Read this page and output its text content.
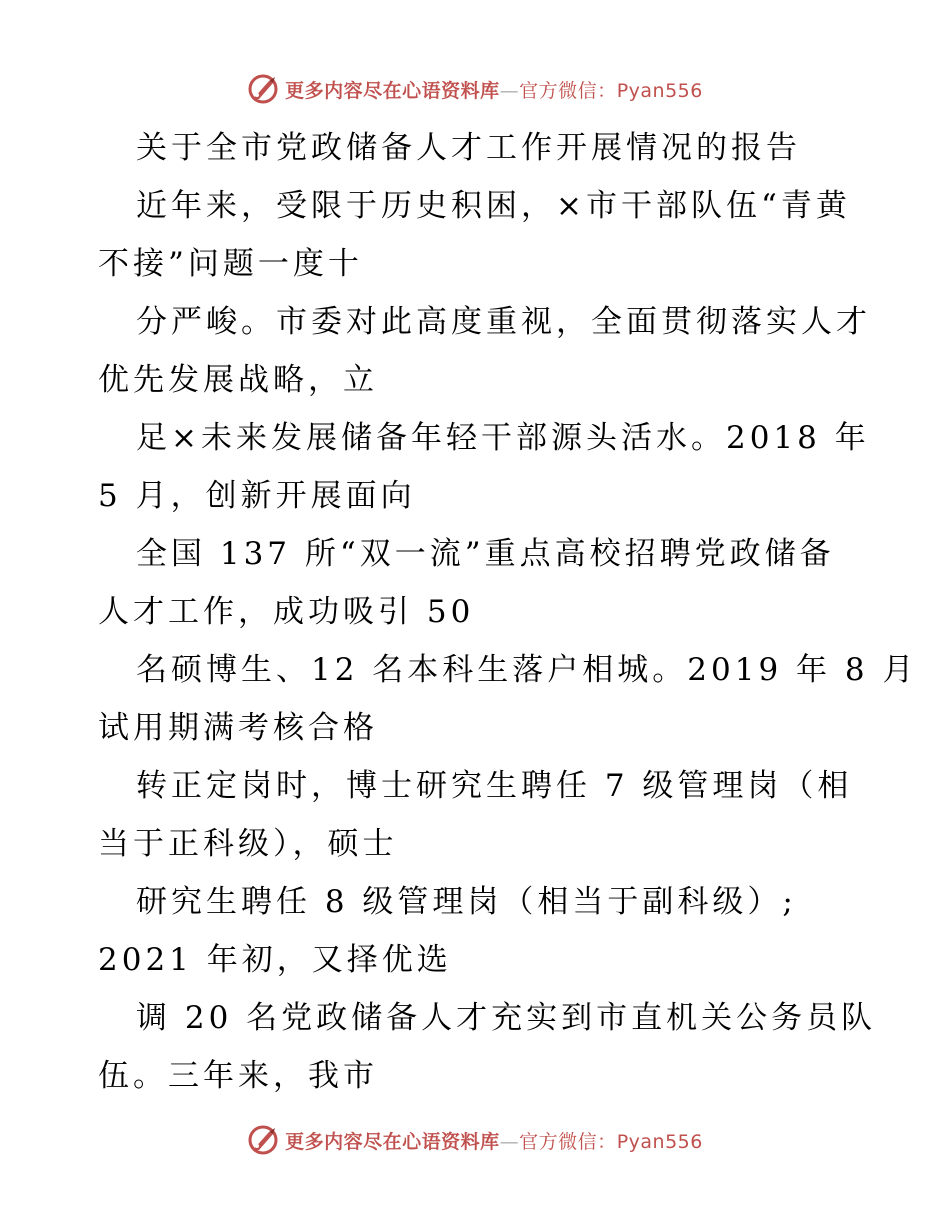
更多内容尽在心语资料库—官方微信：Pyan556
关于全市党政储备人才工作开展情况的报告
近年来，受限于历史积困，×市干部队伍“青黄
不接”问题一度十
分严峻。市委对此高度重视，全面贯彻落实人才
优先发展战略，立
足×未来发展储备年轻干部源头活水。2018 年
5 月，创新开展面向
全国 137 所“双一流”重点高校招聘党政储备
人才工作，成功吸引 50
名硕博生、12 名本科生落户相城。2019 年 8 月
试用期满考核合格
转正定岗时，博士研究生聘任 7 级管理岗（相
当于正科级），硕士
研究生聘任 8 级管理岗（相当于副科级）;
2021 年初，又择优选
调 20 名党政储备人才充实到市直机关公务员队
伍。三年来，我市
更多内容尽在心语资料库—官方微信：Pyan556
